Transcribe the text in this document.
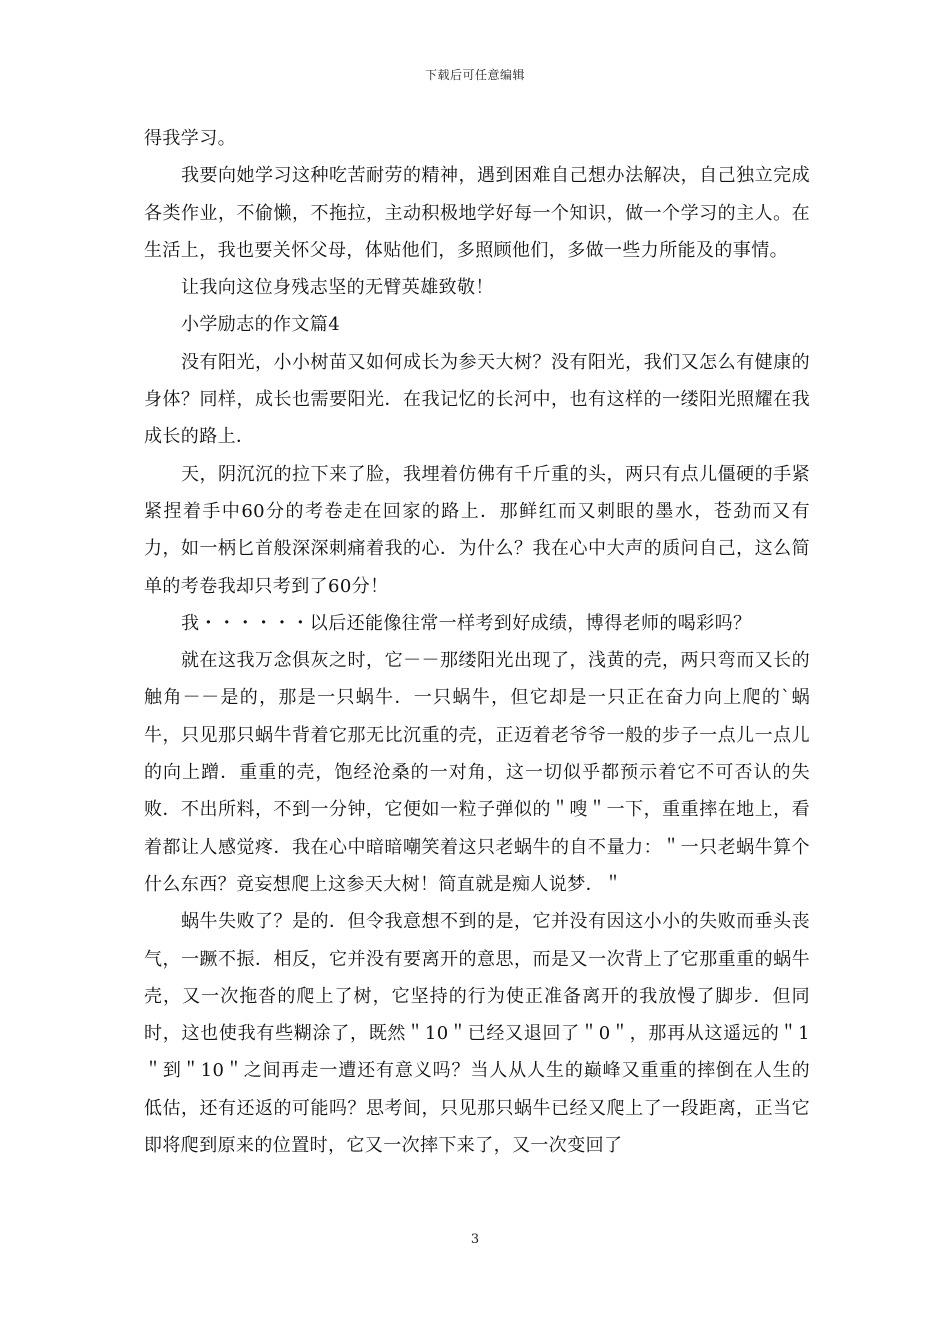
下载后可任意编辑

得我学习。

我要向她学习这种吃苦耐劳的精神，遇到困难自己想办法解决，自己独立完成各类作业，不偷懒，不拖拉，主动积极地学好每一个知识，做一个学习的主人。在生活上，我也要关怀父母，体贴他们，多照顾他们，多做一些力所能及的事情。

让我向这位身残志坚的无臂英雄致敬！

小学励志的作文篇4

没有阳光，小小树苗又如何成长为参天大树？没有阳光，我们又怎么有健康的身体？同样，成长也需要阳光．在我记忆的长河中，也有这样的一缕阳光照耀在我成长的路上．

天，阴沉沉的拉下来了脸，我埋着仿佛有千斤重的头，两只有点儿僵硬的手紧紧捏着手中60分的考卷走在回家的路上．那鲜红而又刺眼的墨水，苍劲而又有力，如一柄匕首般深深刺痛着我的心．为什么？我在心中大声的质问自己，这么简单的考卷我却只考到了60分！

我・・・・・・以后还能像往常一样考到好成绩，博得老师的喝彩吗？

就在这我万念俱灰之时，它－－那缕阳光出现了，浅黄的壳，两只弯而又长的触角－－是的，那是一只蜗牛．一只蜗牛，但它却是一只正在奋力向上爬的`蜗牛，只见那只蜗牛背着它那无比沉重的壳，正迈着老爷爷一般的步子一点儿一点儿的向上蹭．重重的壳，饱经沧桑的一对角，这一切似乎都预示着它不可否认的失败．不出所料，不到一分钟，它便如一粒子弹似的＂嗖＂一下，重重摔在地上，看着都让人感觉疼．我在心中暗暗嘲笑着这只老蜗牛的自不量力：＂一只老蜗牛算个什么东西？竟妄想爬上这参天大树！简直就是痴人说梦．＂

蜗牛失败了？是的．但令我意想不到的是，它并没有因这小小的失败而垂头丧气，一蹶不振．相反，它并没有要离开的意思，而是又一次背上了它那重重的蜗牛壳，又一次拖沓的爬上了树，它坚持的行为使正准备离开的我放慢了脚步．但同时，这也使我有些糊涂了，既然＂10＂已经又退回了＂0＂，那再从这遥远的＂1＂到＂10＂之间再走一遭还有意义吗？当人从人生的巅峰又重重的摔倒在人生的低估，还有还返的可能吗？思考间，只见那只蜗牛已经又爬上了一段距离，正当它即将爬到原来的位置时，它又一次摔下来了，又一次变回了

3
